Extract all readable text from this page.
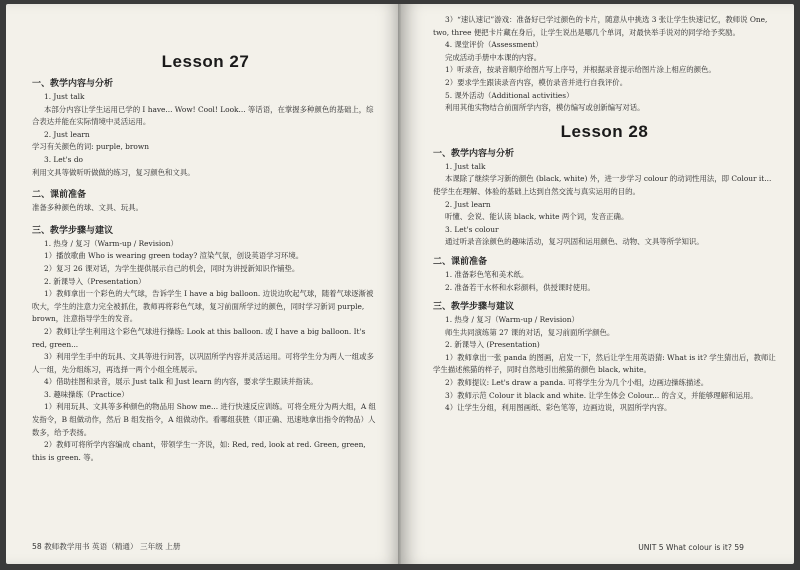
Lesson 27

一、教学内容与分析

1. Just talk

本部分内容让学生运用已学的 I have... Wow! Cool! Look... 等话语，在掌握多种颜色的基础上，综合表达并能在实际情境中灵活运用。

2. Just learn

学习有关颜色的词: purple, brown

3. Let's do

利用文具等做听听做做的练习，复习颜色和文具。

二、课前准备

准备多种颜色的球、文具、玩具。

三、教学步骤与建议

1. 热身 / 复习（Warm-up / Revision）

1）播放歌曲 Who is wearing green today? 渲染气氛，创设英语学习环境。

2）复习 26 课对话，为学生提供展示自己的机会，同时为讲授新知识作铺垫。

2. 新课导入（Presentation）

1）教师拿出一个彩色的大气球，告诉学生 I have a big balloon. 边说边吹起气球，随着气球逐渐被吹大，学生的注意力完全被抓住，教师再将彩色气球，复习前面所学过的颜色，同时学习新词 purple, brown，注意指导学生的发音。

2）教师让学生利用这个彩色气球进行操练: Look at this balloon. 或 I have a big balloon. It's red, green...

3）利用学生手中的玩具、文具等进行问答，以巩固所学内容并灵活运用。可将学生分为两人一组或多人一组，先分组练习，再选择一两个小组全班展示。

4）借助挂图和录音，展示 Just talk 和 Just learn 的内容，要求学生跟读并指读。

3. 趣味操练（Practice）

1）利用玩具、文具等多种颜色的物品用 Show me... 进行快速反应训练。可将全班分为两大组，A 组发指令，B 组做动作，然后 B 组发指令，A 组做动作。看哪组获胜（即正确、迅速地拿出指令的物品）人数多，给予表扬。

2）教师可将所学内容编成 chant，带领学生一齐说，如: Red, red, look at red. Green, green, this is green. 等。

58 教师教学用书 英语（精通） 三年级 上册

3）“速认速记”游戏：准备好已学过颜色的卡片，随意从中挑选 3 张让学生快速记忆，教师说 One, two, three 便把卡片藏在身后，让学生说出是哪几个单词，对最快举手说对的同学给予奖励。

4. 课堂评价（Assessment）

完成活动手册中本课的内容。

1）听录音，按录音顺序给图片写上序号，并根据录音提示给图片涂上相应的颜色。

2）要求学生跟读录音内容，模仿录音并进行自我评价。

5. 课外活动（Additional activities）

利用其他实物结合前面所学内容，模仿编写或创新编写对话。

Lesson 28

一、教学内容与分析

1. Just talk

本课除了继续学习新的颜色 (black, white) 外，进一步学习 colour 的动词性用法，即 Colour it... 使学生在理解、体验的基础上达到自然交流与真实运用的目的。

2. Just learn

听懂、会说、能认读 black, white 两个词，发音正确。

3. Let's colour

通过听录音涂颜色的趣味活动，复习巩固和运用颜色、动物、文具等所学知识。

二、课前准备

1. 准备彩色笔和美术纸。

2. 准备若干水杯和水彩颜料，供授课时使用。

三、教学步骤与建议

1. 热身 / 复习（Warm-up / Revision）

师生共同演练第 27 课的对话，复习前面所学颜色。

2. 新课导入 (Presentation)

1）教师拿出一张 panda 的图画，启发一下，然后让学生用英语猜: What is it? 学生猜出后，教师让学生描述熊猫的样子，同时自然地引出熊猫的颜色 black, white。

2）教师提议: Let's draw a panda. 可将学生分为几个小组，边画边操练描述。

3）教师示范 Colour it black and white. 让学生体会 Colour... 的含义，并能够理解和运用。

4）让学生分组，利用图画纸、彩色笔等，边画边说，巩固所学内容。

UNIT 5 What colour is it? 59
